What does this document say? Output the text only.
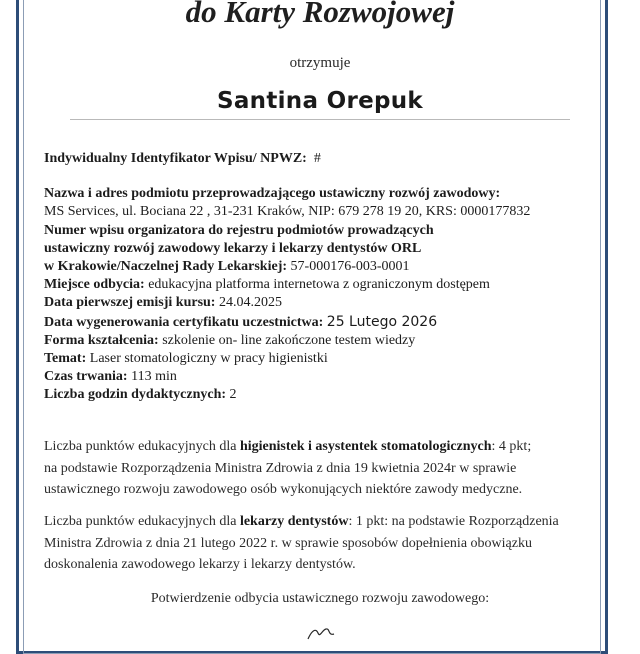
do Karty Rozwojowej
otrzymuje
Santina Orepuk
Indywidualny Identyfikator Wpisu/ NPWZ: #
Nazwa i adres podmiotu przeprowadzającego ustawiczny rozwój zawodowy:
MS Services, ul. Bociana 22 , 31-231 Kraków, NIP: 679 278 19 20, KRS: 0000177832
Numer wpisu organizatora do rejestru podmiotów prowadzących
ustawiczny rozwój zawodowy lekarzy i lekarzy dentystów ORL
w Krakowie/Naczelnej Rady Lekarskiej: 57-000176-003-0001
Miejsce odbycia: edukacyjna platforma internetowa z ograniczonym dostępem
Data pierwszej emisji kursu: 24.04.2025
Data wygenerowania certyfikatu uczestnictwa: 25 Lutego 2026
Forma kształcenia: szkolenie on- line zakończone testem wiedzy
Temat: Laser stomatologiczny w pracy higienistki
Czas trwania: 113 min
Liczba godzin dydaktycznych: 2
Liczba punktów edukacyjnych dla higienistek i asystentek stomatologicznych: 4 pkt;
na podstawie Rozporządzenia Ministra Zdrowia z dnia 19 kwietnia 2024r w sprawie
ustawicznego rozwoju zawodowego osób wykonujących niektóre zawody medyczne.
Liczba punktów edukacyjnych dla lekarzy dentystów: 1 pkt: na podstawie Rozporządzenia
Ministra Zdrowia z dnia 21 lutego 2022 r. w sprawie sposobów dopełnienia obowiązku
doskonalenia zawodowego lekarzy i lekarzy dentystów.
Potwierdzenie odbycia ustawicznego rozwoju zawodowego:
